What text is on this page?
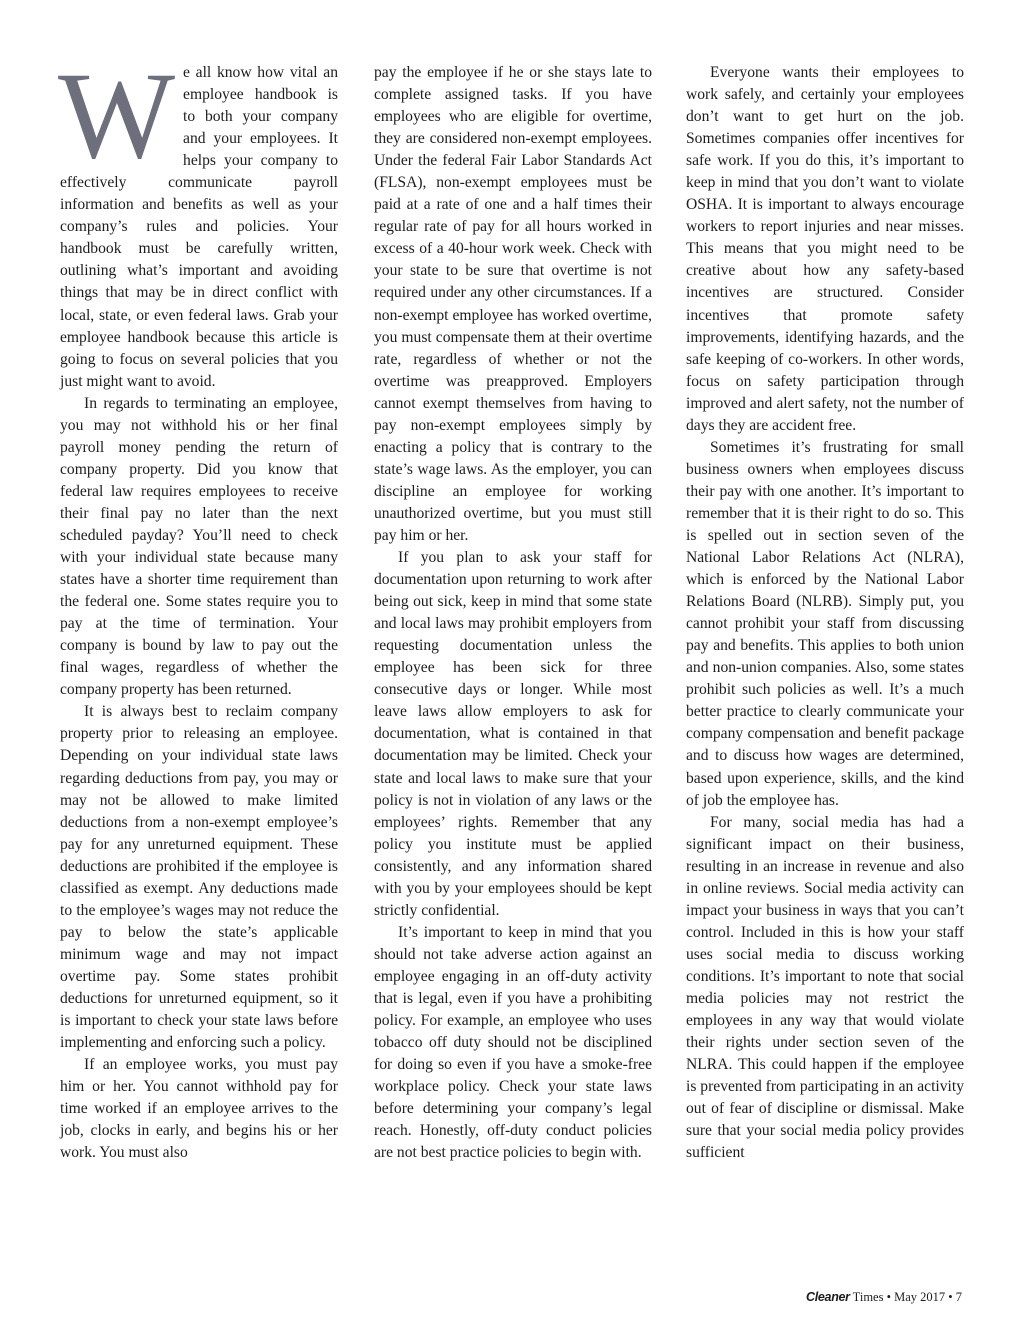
We all know how vital an employee handbook is to both your company and your employees. It helps your company to effectively communicate payroll information and benefits as well as your company’s rules and policies. Your handbook must be carefully written, outlining what’s important and avoiding things that may be in direct conflict with local, state, or even federal laws. Grab your employee handbook because this article is going to focus on several policies that you just might want to avoid.

In regards to terminating an employee, you may not withhold his or her final payroll money pending the return of company property. Did you know that federal law requires employees to receive their final pay no later than the next scheduled payday? You’ll need to check with your individual state because many states have a shorter time requirement than the federal one. Some states require you to pay at the time of termination. Your company is bound by law to pay out the final wages, regardless of whether the company property has been returned.

It is always best to reclaim company property prior to releasing an employee. Depending on your individual state laws regarding deductions from pay, you may or may not be allowed to make limited deductions from a non-exempt employee’s pay for any unreturned equipment. These deductions are prohibited if the employee is classified as exempt. Any deductions made to the employee’s wages may not reduce the pay to below the state’s applicable minimum wage and may not impact overtime pay. Some states prohibit deductions for unreturned equipment, so it is important to check your state laws before implementing and enforcing such a policy.

If an employee works, you must pay him or her. You cannot withhold pay for time worked if an employee arrives to the job, clocks in early, and begins his or her work. You must also

pay the employee if he or she stays late to complete assigned tasks. If you have employees who are eligible for overtime, they are considered non-exempt employees. Under the federal Fair Labor Standards Act (FLSA), non-exempt employees must be paid at a rate of one and a half times their regular rate of pay for all hours worked in excess of a 40-hour work week. Check with your state to be sure that overtime is not required under any other circumstances. If a non-exempt employee has worked overtime, you must compensate them at their overtime rate, regardless of whether or not the overtime was preapproved. Employers cannot exempt themselves from having to pay non-exempt employees simply by enacting a policy that is contrary to the state’s wage laws. As the employer, you can discipline an employee for working unauthorized overtime, but you must still pay him or her.

If you plan to ask your staff for documentation upon returning to work after being out sick, keep in mind that some state and local laws may prohibit employers from requesting documentation unless the employee has been sick for three consecutive days or longer. While most leave laws allow employers to ask for documentation, what is contained in that documentation may be limited. Check your state and local laws to make sure that your policy is not in violation of any laws or the employees’ rights. Remember that any policy you institute must be applied consistently, and any information shared with you by your employees should be kept strictly confidential.

It’s important to keep in mind that you should not take adverse action against an employee engaging in an off-duty activity that is legal, even if you have a prohibiting policy. For example, an employee who uses tobacco off duty should not be disciplined for doing so even if you have a smoke-free workplace policy. Check your state laws before determining your company’s legal reach. Honestly, off-duty conduct policies are not best practice policies to begin with.

Everyone wants their employees to work safely, and certainly your employees don’t want to get hurt on the job. Sometimes companies offer incentives for safe work. If you do this, it’s important to keep in mind that you don’t want to violate OSHA. It is important to always encourage workers to report injuries and near misses. This means that you might need to be creative about how any safety-based incentives are structured. Consider incentives that promote safety improvements, identifying hazards, and the safe keeping of co-workers. In other words, focus on safety participation through improved and alert safety, not the number of days they are accident free.

Sometimes it’s frustrating for small business owners when employees discuss their pay with one another. It’s important to remember that it is their right to do so. This is spelled out in section seven of the National Labor Relations Act (NLRA), which is enforced by the National Labor Relations Board (NLRB). Simply put, you cannot prohibit your staff from discussing pay and benefits. This applies to both union and non-union companies. Also, some states prohibit such policies as well. It’s a much better practice to clearly communicate your company compensation and benefit package and to discuss how wages are determined, based upon experience, skills, and the kind of job the employee has.

For many, social media has had a significant impact on their business, resulting in an increase in revenue and also in online reviews. Social media activity can impact your business in ways that you can’t control. Included in this is how your staff uses social media to discuss working conditions. It’s important to note that social media policies may not restrict the employees in any way that would violate their rights under section seven of the NLRA. This could happen if the employee is prevented from participating in an activity out of fear of discipline or dismissal. Make sure that your social media policy provides sufficient

Cleaner Times • May 2017 • 7
